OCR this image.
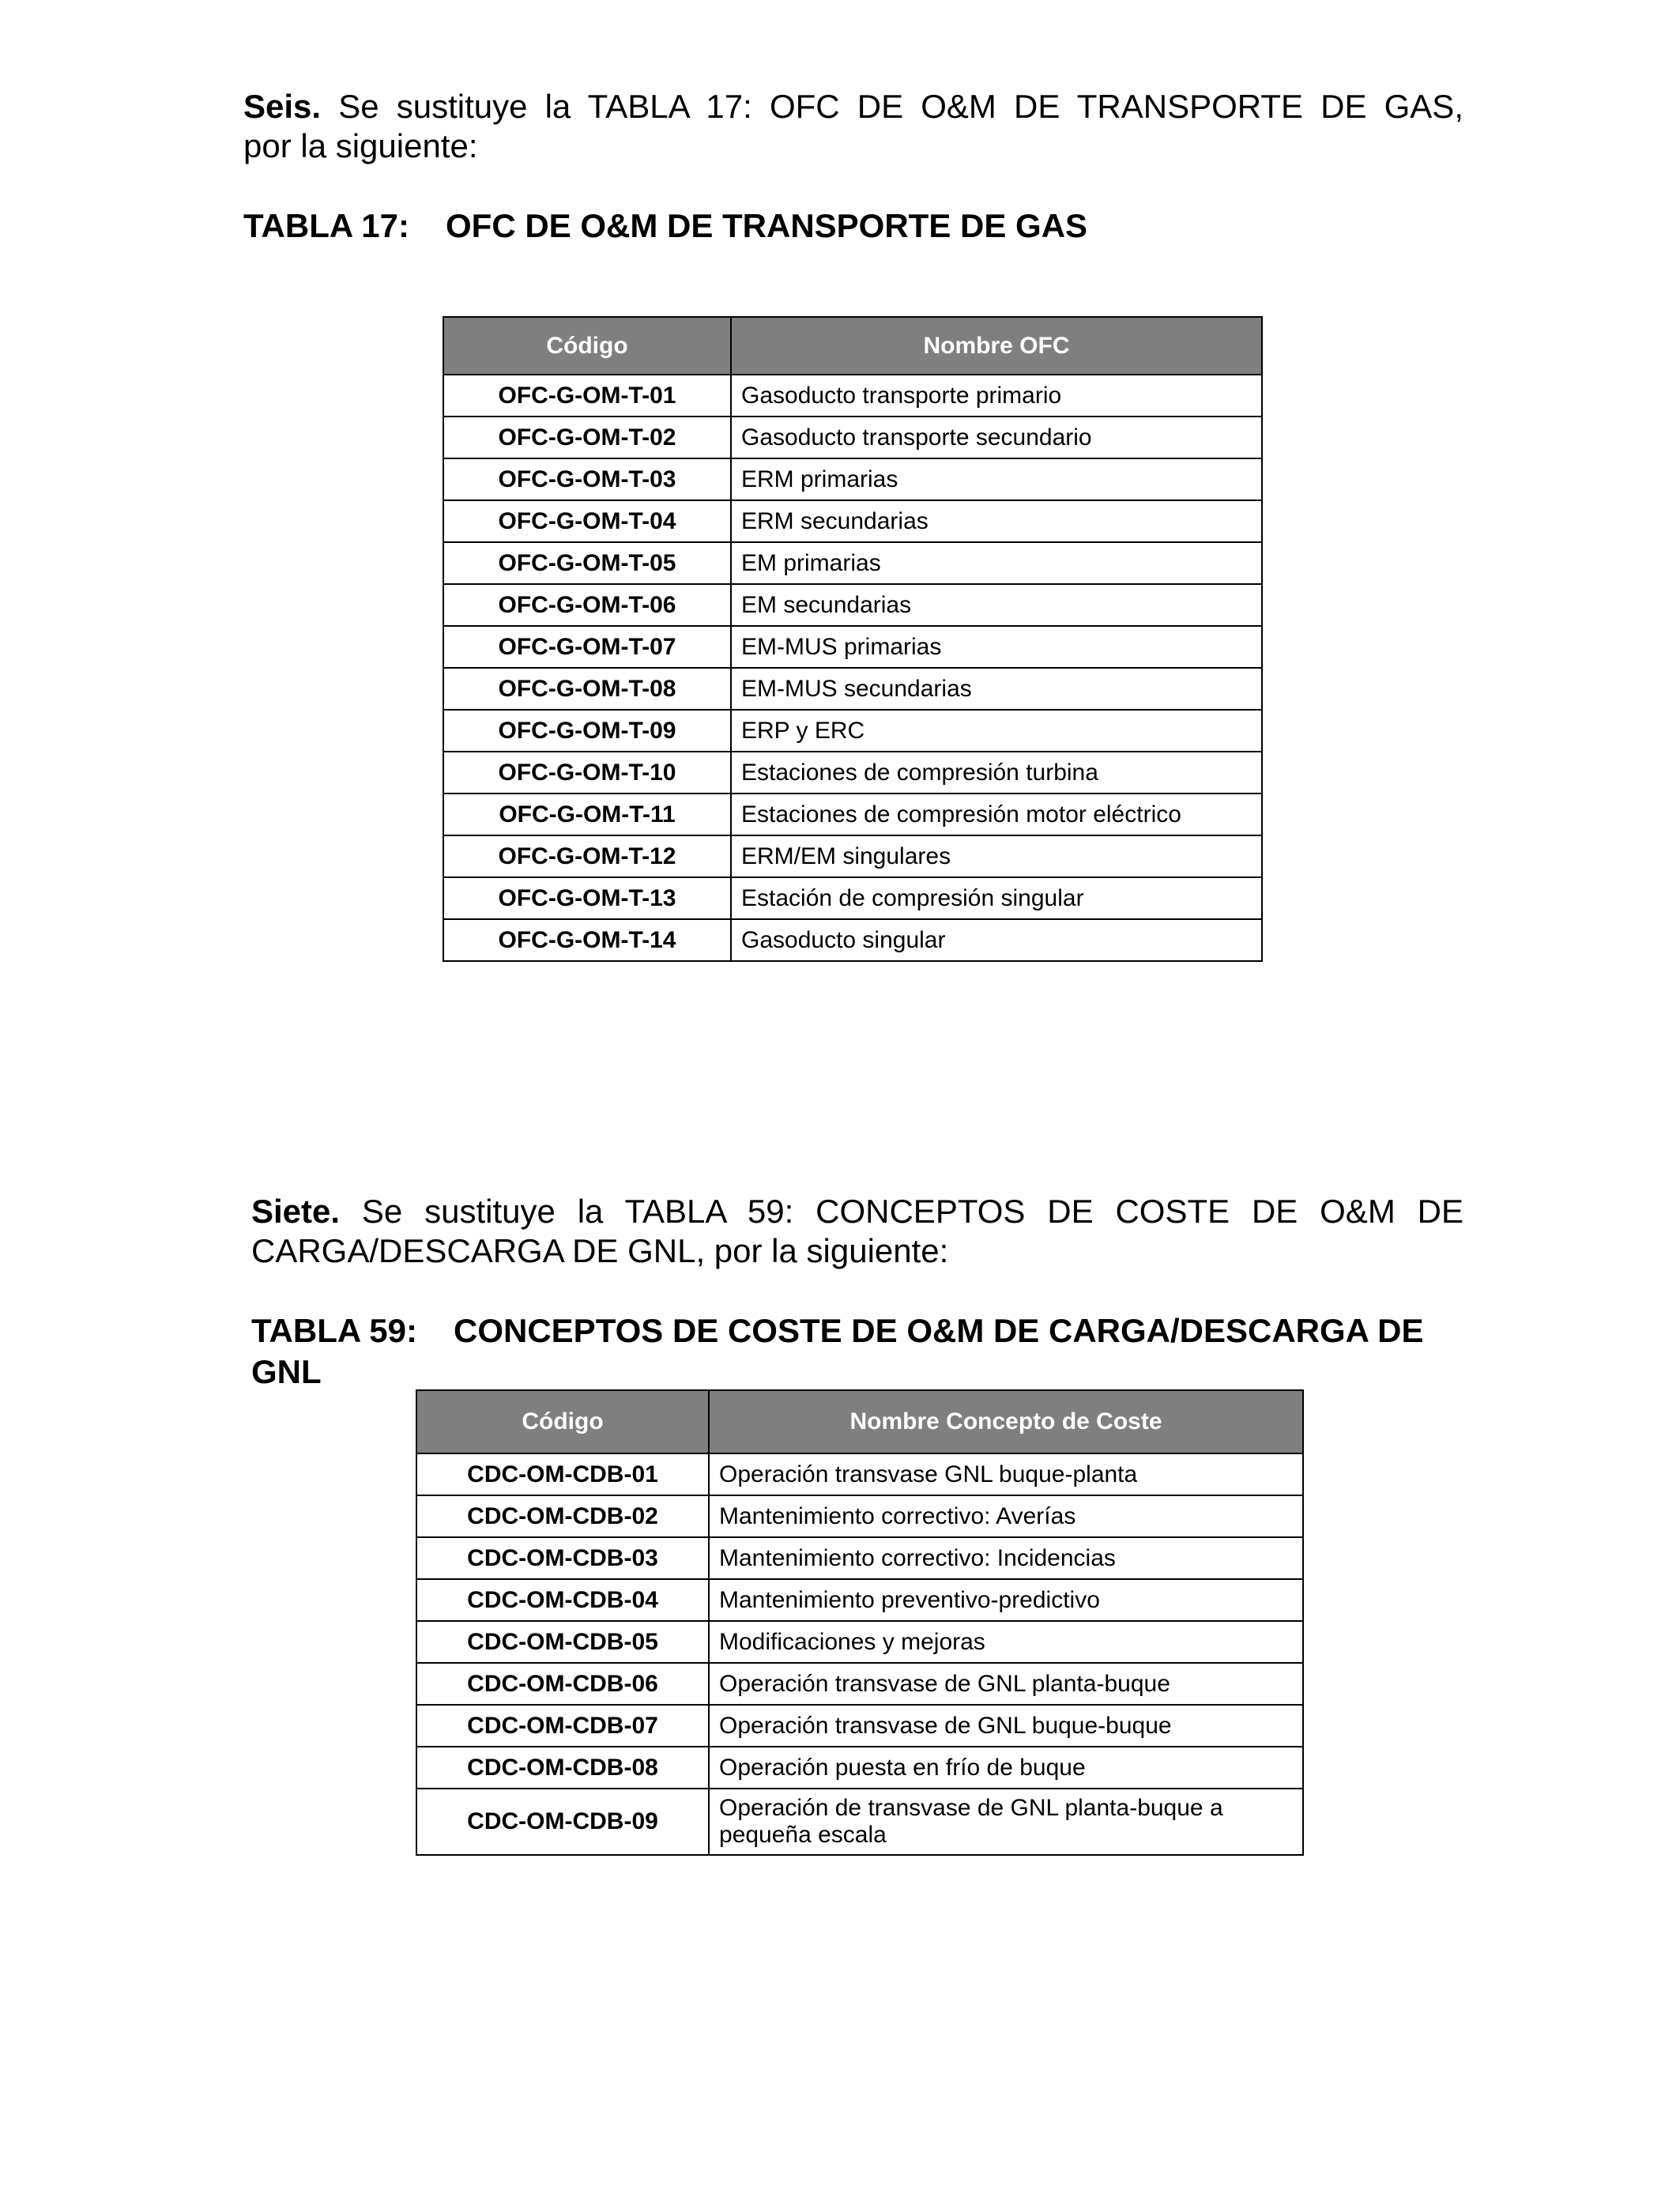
Seis. Se sustituye la TABLA 17: OFC DE O&M DE TRANSPORTE DE GAS,
por la siguiente:
TABLA 17: OFC DE O&M DE TRANSPORTE DE GAS
Código	Nombre OFC
OFC-G-OM-T-01	Gasoducto transporte primario
OFC-G-OM-T-02	Gasoducto transporte secundario
OFC-G-OM-T-03	ERM primarias
OFC-G-OM-T-04	ERM secundarias
OFC-G-OM-T-05	EM primarias
OFC-G-OM-T-06	EM secundarias
OFC-G-OM-T-07	EM-MUS primarias
OFC-G-OM-T-08	EM-MUS secundarias
OFC-G-OM-T-09	ERP y ERC
OFC-G-OM-T-10	Estaciones de compresión turbina
OFC-G-OM-T-11	Estaciones de compresión motor eléctrico
OFC-G-OM-T-12	ERM/EM singulares
OFC-G-OM-T-13	Estación de compresión singular
OFC-G-OM-T-14	Gasoducto singular
Siete. Se sustituye la TABLA 59: CONCEPTOS DE COSTE DE O&M DE
CARGA/DESCARGA DE GNL, por la siguiente:
TABLA 59: CONCEPTOS DE COSTE DE O&M DE CARGA/DESCARGA DE
GNL
Código	Nombre Concepto de Coste
CDC-OM-CDB-01	Operación transvase GNL buque-planta
CDC-OM-CDB-02	Mantenimiento correctivo: Averías
CDC-OM-CDB-03	Mantenimiento correctivo: Incidencias
CDC-OM-CDB-04	Mantenimiento preventivo-predictivo
CDC-OM-CDB-05	Modificaciones y mejoras
CDC-OM-CDB-06	Operación transvase de GNL planta-buque
CDC-OM-CDB-07	Operación transvase de GNL buque-buque
CDC-OM-CDB-08	Operación puesta en frío de buque
CDC-OM-CDB-09	Operación de transvase de GNL planta-buque a pequeña escala
